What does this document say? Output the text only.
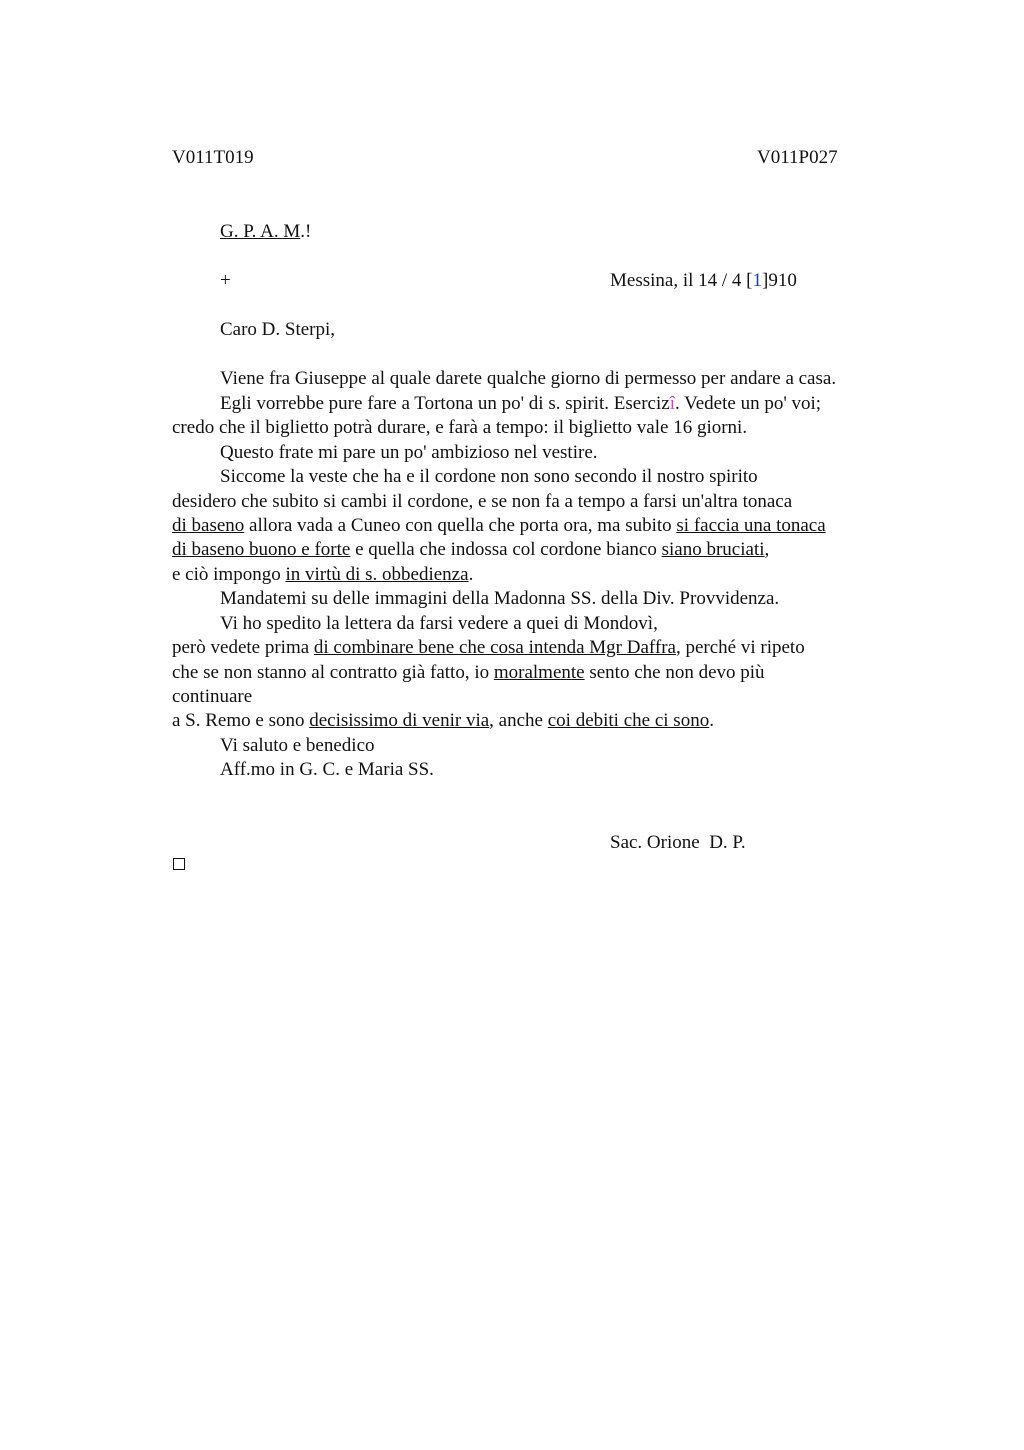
V011T019	V011P027
G. P. A. M.!
+	Messina, il 14 / 4 [1]910
Caro D. Sterpi,
Viene fra Giuseppe al quale darete qualche giorno di permesso per andare a casa.
Egli vorrebbe pure fare a Tortona un po' di s. spirit. Esercizî. Vedete un po' voi;
credo che il biglietto potrà durare, e farà a tempo: il biglietto vale 16 giorni.
Questo frate mi pare un po' ambizioso nel vestire.
Siccome la veste che ha e il cordone non sono secondo il nostro spirito
desidero che subito si cambi il cordone, e se non fa a tempo a farsi un'altra tonaca
di baseno allora vada a Cuneo con quella che porta ora, ma subito si faccia una tonaca
di baseno buono e forte e quella che indossa col cordone bianco siano bruciati,
e ciò impongo in virtù di s. obbedienza.
Mandatemi su delle immagini della Madonna SS. della Div. Provvidenza.
Vi ho spedito la lettera da farsi vedere a quei di Mondovì,
però vedete prima di combinare bene che cosa intenda Mgr Daffra, perché vi ripeto
che se non stanno al contratto già fatto, io moralmente sento che non devo più
continuare
a S. Remo e sono decisissimo di venir via, anche coi debiti che ci sono.
Vi saluto e benedico
Aff.mo in G. C. e Maria SS.
Sac. Orione  D. P.
